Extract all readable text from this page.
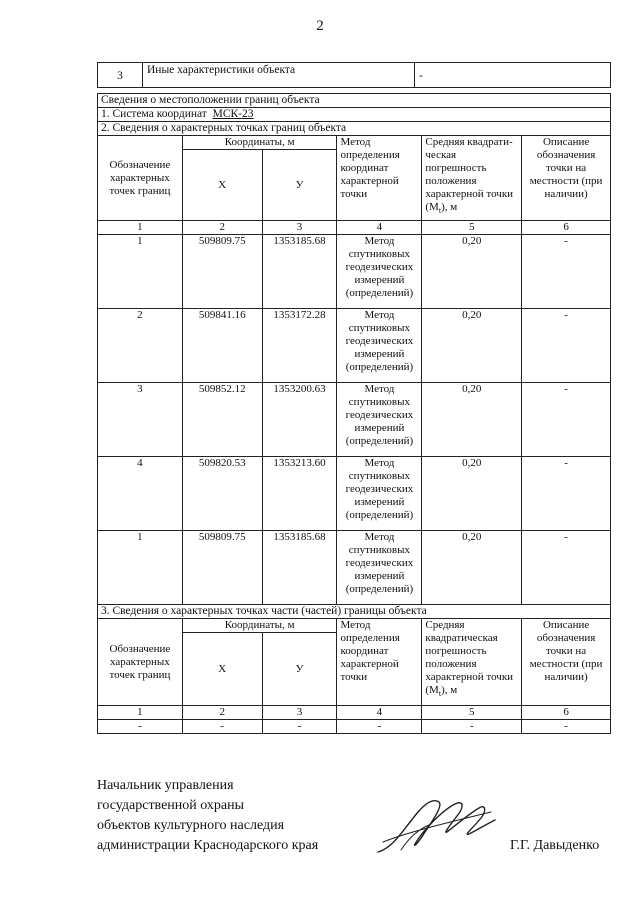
2
3	Иные характеристики объекта	-
Сведения о местоположении границ объекта					
1. Система координат МСК-23					
2. Сведения о характерных точках границ объекта					
Обозначение характерных точек границ	Координаты, м		Метод определения координат характерной точки	Средняя квадрати-ческая погрешность положения характерной точки $(M_t)$, м	Описание обозначения точки на местности (при наличии)
	Х	У			
1	2	3	4	5	6
1	509809.75	1353185.68	Метод спутниковых геодезических измерений (определений)	0,20	-
2	509841.16	1353172.28	Метод спутниковых геодезических измерений (определений)	0,20	-
3	509852.12	1353200.63	Метод спутниковых геодезических измерений (определений)	0,20	-
4	509820.53	1353213.60	Метод спутниковых геодезических измерений (определений)	0,20	-
1	509809.75	1353185.68	Метод спутниковых геодезических измерений (определений)	0,20	-
3. Сведения о характерных точках части (частей) границы объекта					
Обозначение характерных точек границ	Координаты, м		Метод определения координат характерной точки	Средняя квадратическая погрешность положения характерной точки $(M_t)$, м	Описание обозначения точки на местности (при наличии)
	Х	У			
1	2	3	4	5	6
-	-	-	-	-	-
Начальник управления
государственной охраны
объектов культурного наследия
администрации Краснодарского края	Г.Г. Давыденко
